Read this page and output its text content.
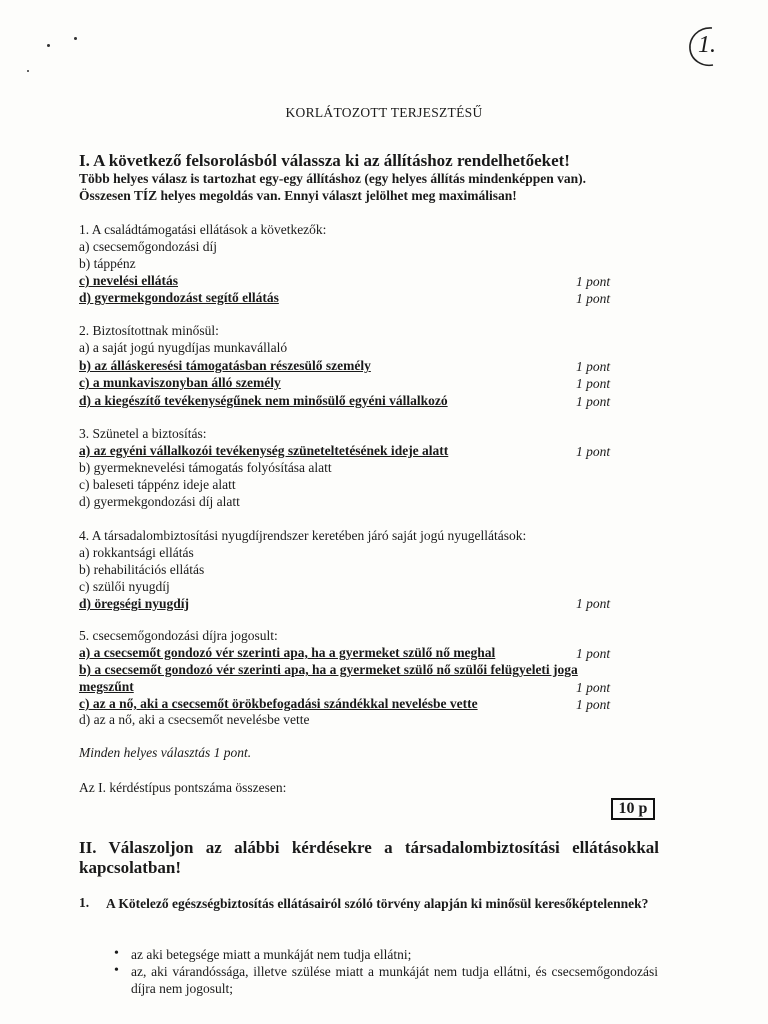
1.
KORLÁTOZOTT TERJESZTÉSŰ
I. A következő felsorolásból válassza ki az állításhoz rendelhetőeket!
Több helyes válasz is tartozhat egy-egy állításhoz (egy helyes állítás mindenképpen van).
Összesen TÍZ helyes megoldás van. Ennyi választ jelölhet meg maximálisan!
1. A családtámogatási ellátások a következők:
a) csecsemőgondozási díj
b) táppénz
c) nevelési ellátás	1 pont
d) gyermekgondozást segítő ellátás	1 pont
2. Biztosítottnak minősül:
a) a saját jogú nyugdíjas munkavállaló
b) az álláskeresési támogatásban részesülő személy	1 pont
c) a munkaviszonyban álló személy	1 pont
d) a kiegészítő tevékenységűnek nem minősülő egyéni vállalkozó	1 pont
3. Szünetel a biztosítás:
a) az egyéni vállalkozói tevékenység szüneteltetésének ideje alatt	1 pont
b) gyermeknevelési támogatás folyósítása alatt
c) baleseti táppénz ideje alatt
d) gyermekgondozási díj alatt
4. A társadalombiztosítási nyugdíjrendszer keretében járó saját jogú nyugellátások:
a) rokkantsági ellátás
b) rehabilitációs ellátás
c) szülői nyugdíj
d) öregségi nyugdíj	1 pont
5. csecsemőgondozási díjra jogosult:
a) a csecsemőt gondozó vér szerinti apa, ha a gyermeket szülő nő meghal	1 pont
b) a csecsemőt gondozó vér szerinti apa, ha a gyermeket szülő nő szülői felügyeleti joga
megszűnt	1 pont
c) az a nő, aki a csecsemőt örökbefogadási szándékkal nevelésbe vette	1 pont
d) az a nő, aki a csecsemőt nevelésbe vette
Minden helyes választás 1 pont.
Az I. kérdéstípus pontszáma összesen:
10 p
II. Válaszoljon az alábbi kérdésekre a társadalombiztosítási ellátásokkal kapcsolatban!
1. A Kötelező egészségbiztosítás ellátásairól szóló törvény alapján ki minősül keresőképtelennek?
• az aki betegsége miatt a munkáját nem tudja ellátni;
• az, aki várandóssága, illetve szülése miatt a munkáját nem tudja ellátni, és csecsemőgondozási díjra nem jogosult;
